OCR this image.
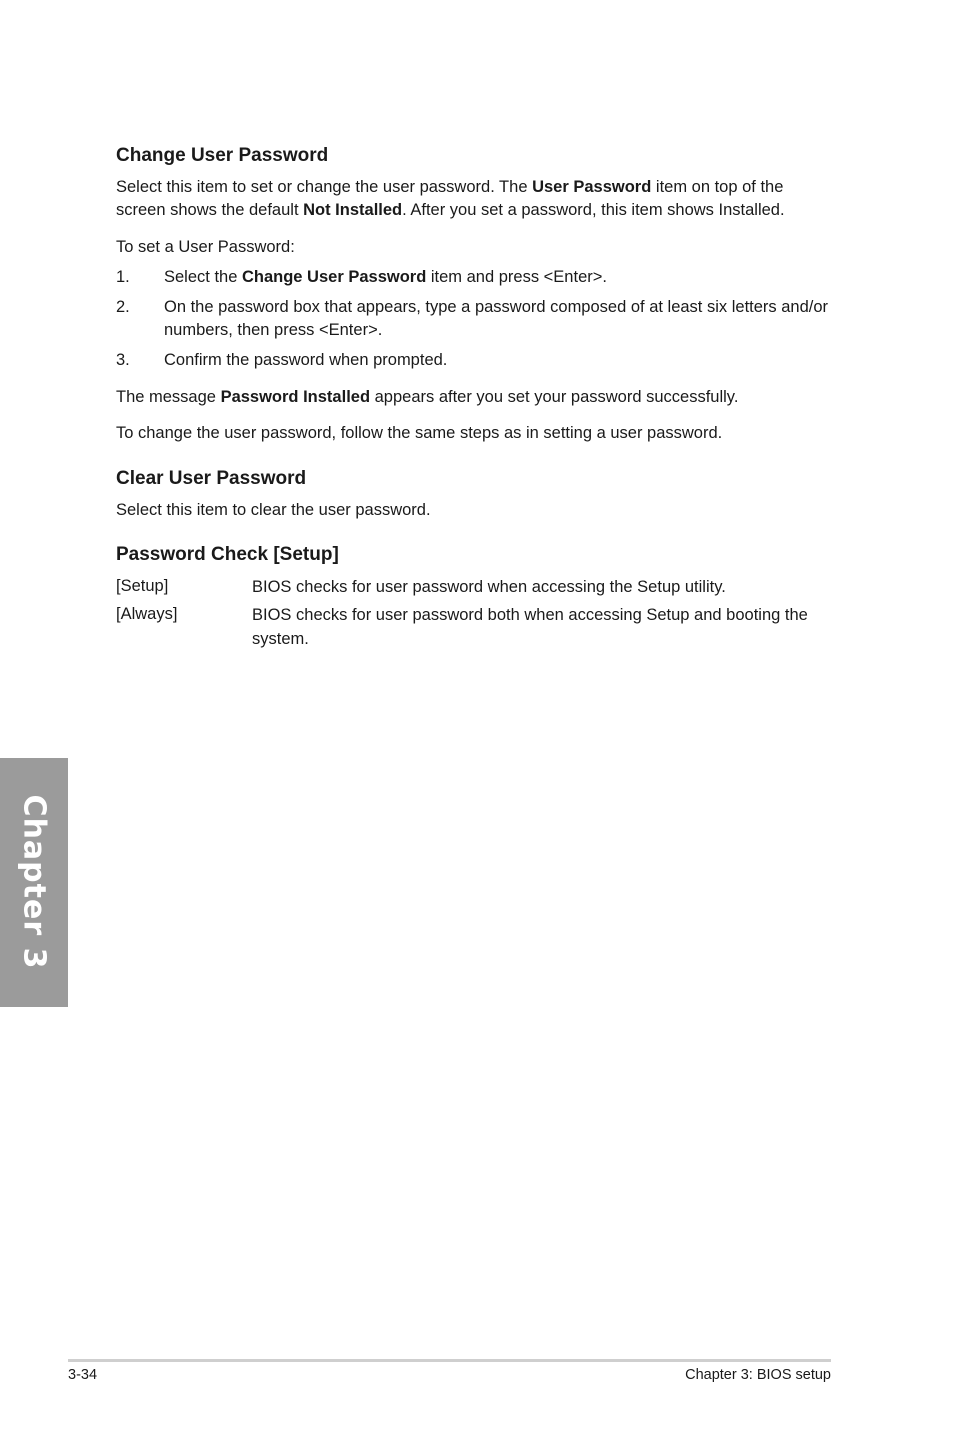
Change User Password
Select this item to set or change the user password. The User Password item on top of the screen shows the default Not Installed. After you set a password, this item shows Installed.
To set a User Password:
1. Select the Change User Password item and press <Enter>.
2. On the password box that appears, type a password composed of at least six letters and/or numbers, then press <Enter>.
3. Confirm the password when prompted.
The message Password Installed appears after you set your password successfully.
To change the user password, follow the same steps as in setting a user password.
Clear User Password
Select this item to clear the user password.
Password Check [Setup]
[Setup]	BIOS checks for user password when accessing the Setup utility.
[Always]	BIOS checks for user password both when accessing Setup and booting the system.
Chapter 3
3-34	Chapter 3: BIOS setup
